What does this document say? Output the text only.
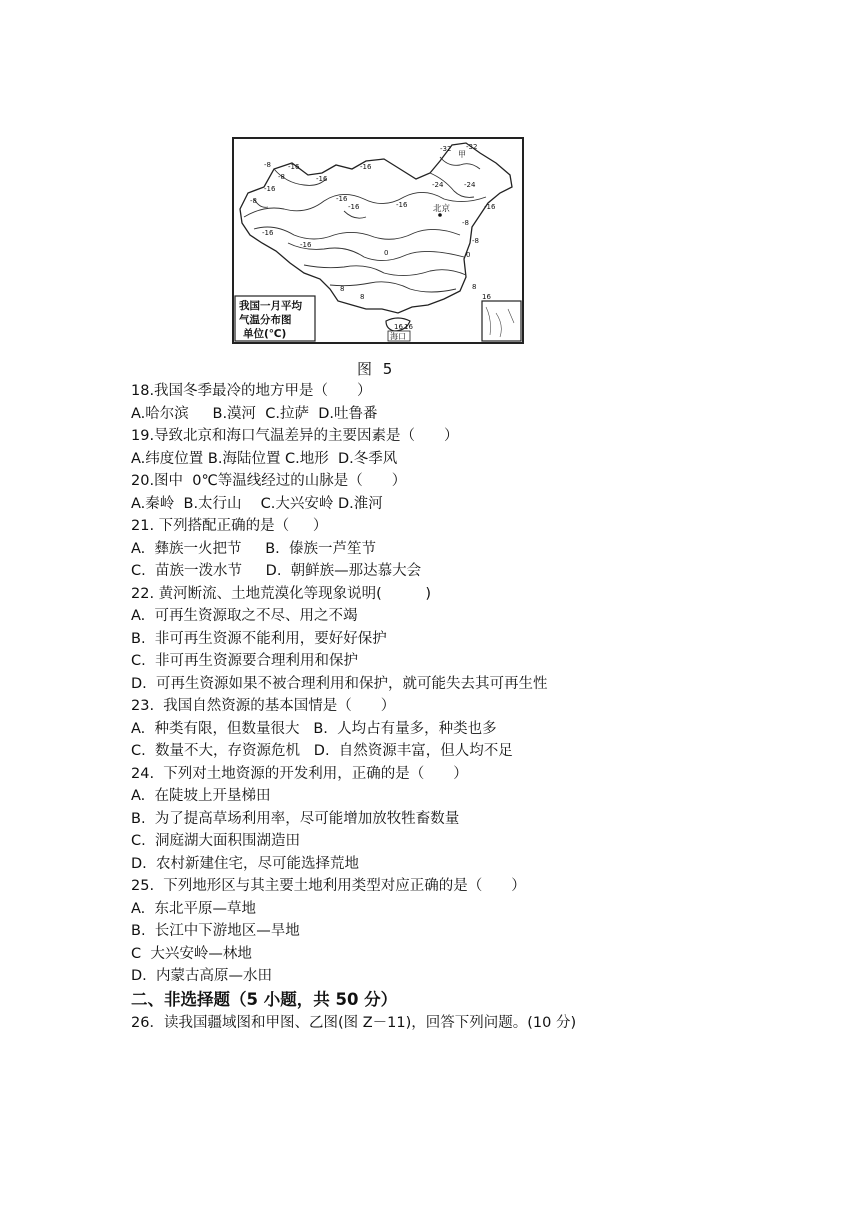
我国一月平均
气温分布图
单位(℃)
北京
海口
甲
-32 -32
-24
-24
-16
-16
-16
-16	-16
-16
-16
-16
-16
-16
-8
-8
-8
-8
-8
0
0
8
8
8
16
16 16
图 5
18.我国冬季最冷的地方甲是（　　）
A.哈尔滨　  B.漠河  C.拉萨  D.吐鲁番
19.导致北京和海口气温差异的主要因素是（　　）
A.纬度位置 B.海陆位置 C.地形  D.冬季风
20.图中  0℃等温线经过的山脉是（　　）
A.秦岭  B.太行山　 C.大兴安岭 D.淮河
21. 下列搭配正确的是（　  ）
A.  彝族一火把节　  B.  傣族一芦笙节
C.  苗族一泼水节　  D.  朝鲜族—那达慕大会
22. 黄河断流、土地荒漠化等现象说明(　　　)
A.  可再生资源取之不尽、用之不竭
B.  非可再生资源不能利用，要好好保护
C.  非可再生资源要合理利用和保护
D.  可再生资源如果不被合理利用和保护，就可能失去其可再生性
23.  我国自然资源的基本国情是（　　）
A.  种类有限，但数量很大   B.  人均占有量多，种类也多
C.  数量不大，存资源危机   D.  自然资源丰富，但人均不足
24.  下列对土地资源的开发利用，正确的是（　　）
A.  在陡坡上开垦梯田
B.  为了提高草场利用率，尽可能增加放牧牲畜数量
C.  洞庭湖大面积围湖造田
D.  农村新建住宅，尽可能选择荒地
25.  下列地形区与其主要土地利用类型对应正确的是（　　）
A.  东北平原—草地
B.  长江中下游地区—旱地
C  大兴安岭—林地
D.  内蒙古高原—水田
二、非选择题（5 小题，共 50 分）
26．读我国疆域图和甲图、乙图(图 Z－11)，回答下列问题。(10 分)
